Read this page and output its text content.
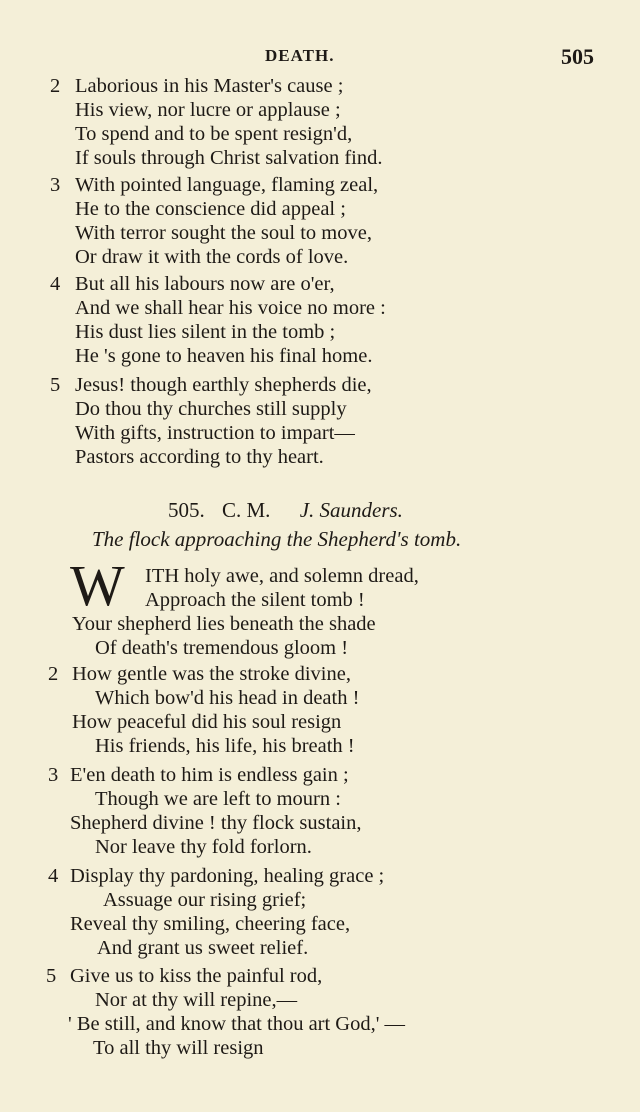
DEATH.	505
2 Laborious in his Master's cause ;
His view, nor lucre or applause ;
To spend and to be spent resign'd,
If souls through Christ salvation find.
3 With pointed language, flaming zeal,
He to the conscience did appeal ;
With terror sought the soul to move,
Or draw it with the cords of love.
4 But all his labours now are o'er,
And we shall hear his voice no more :
His dust lies silent in the tomb ;
He 's gone to heaven his final home.
5 Jesus! though earthly shepherds die,
Do thou thy churches still supply
With gifts, instruction to impart—
Pastors according to thy heart.
505. C. M. J. Saunders.
The flock approaching the Shepherd's tomb.
W ITH holy awe, and solemn dread,
Approach the silent tomb !
Your shepherd lies beneath the shade
Of death's tremendous gloom !
2 How gentle was the stroke divine,
Which bow'd his head in death !
How peaceful did his soul resign
His friends, his life, his breath !
3 E'en death to him is endless gain ;
Though we are left to mourn :
Shepherd divine ! thy flock sustain,
Nor leave thy fold forlorn.
4 Display thy pardoning, healing grace ;
Assuage our rising grief;
Reveal thy smiling, cheering face,
And grant us sweet relief.
5 Give us to kiss the painful rod,
Nor at thy will repine,—
' Be still, and know that thou art God,' —
To all thy will resign
